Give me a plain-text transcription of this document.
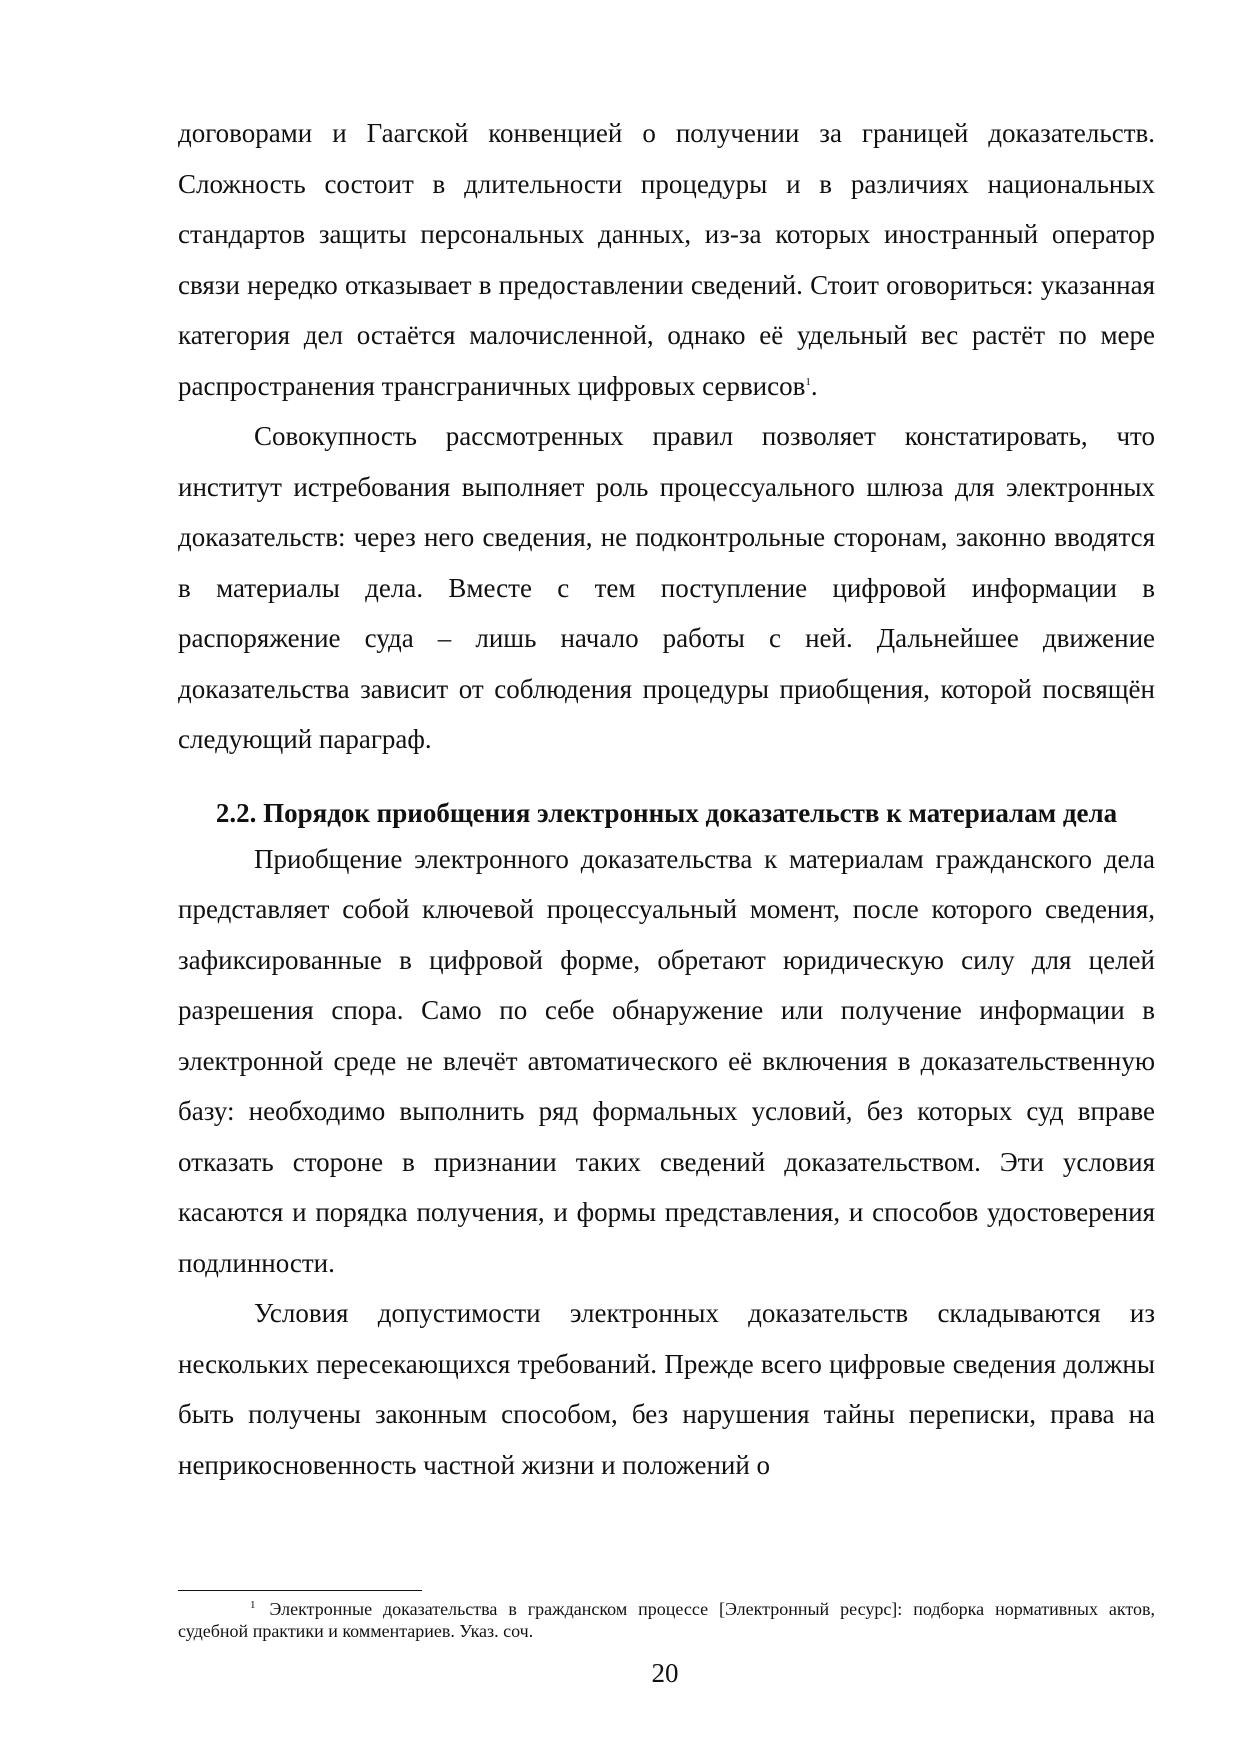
договорами и Гаагской конвенцией о получении за границей доказательств. Сложность состоит в длительности процедуры и в различиях национальных стандартов защиты персональных данных, из-за которых иностранный оператор связи нередко отказывает в предоставлении сведений. Стоит оговориться: указанная категория дел остаётся малочисленной, однако её удельный вес растёт по мере распространения трансграничных цифровых сервисов$^1$.

Совокупность рассмотренных правил позволяет констатировать, что институт истребования выполняет роль процессуального шлюза для электронных доказательств: через него сведения, не подконтрольные сторонам, законно вводятся в материалы дела. Вместе с тем поступление цифровой информации в распоряжение суда – лишь начало работы с ней. Дальнейшее движение доказательства зависит от соблюдения процедуры приобщения, которой посвящён следующий параграф.

2.2. Порядок приобщения электронных доказательств к материалам дела

Приобщение электронного доказательства к материалам гражданского дела представляет собой ключевой процессуальный момент, после которого сведения, зафиксированные в цифровой форме, обретают юридическую силу для целей разрешения спора. Само по себе обнаружение или получение информации в электронной среде не влечёт автоматического её включения в доказательственную базу: необходимо выполнить ряд формальных условий, без которых суд вправе отказать стороне в признании таких сведений доказательством. Эти условия касаются и порядка получения, и формы представления, и способов удостоверения подлинности.

Условия допустимости электронных доказательств складываются из нескольких пересекающихся требований. Прежде всего цифровые сведения должны быть получены законным способом, без нарушения тайны переписки, права на неприкосновенность частной жизни и положений о

$^1$ Электронные доказательства в гражданском процессе [Электронный ресурс]: подборка нормативных актов, судебной практики и комментариев. Указ. соч.

20
